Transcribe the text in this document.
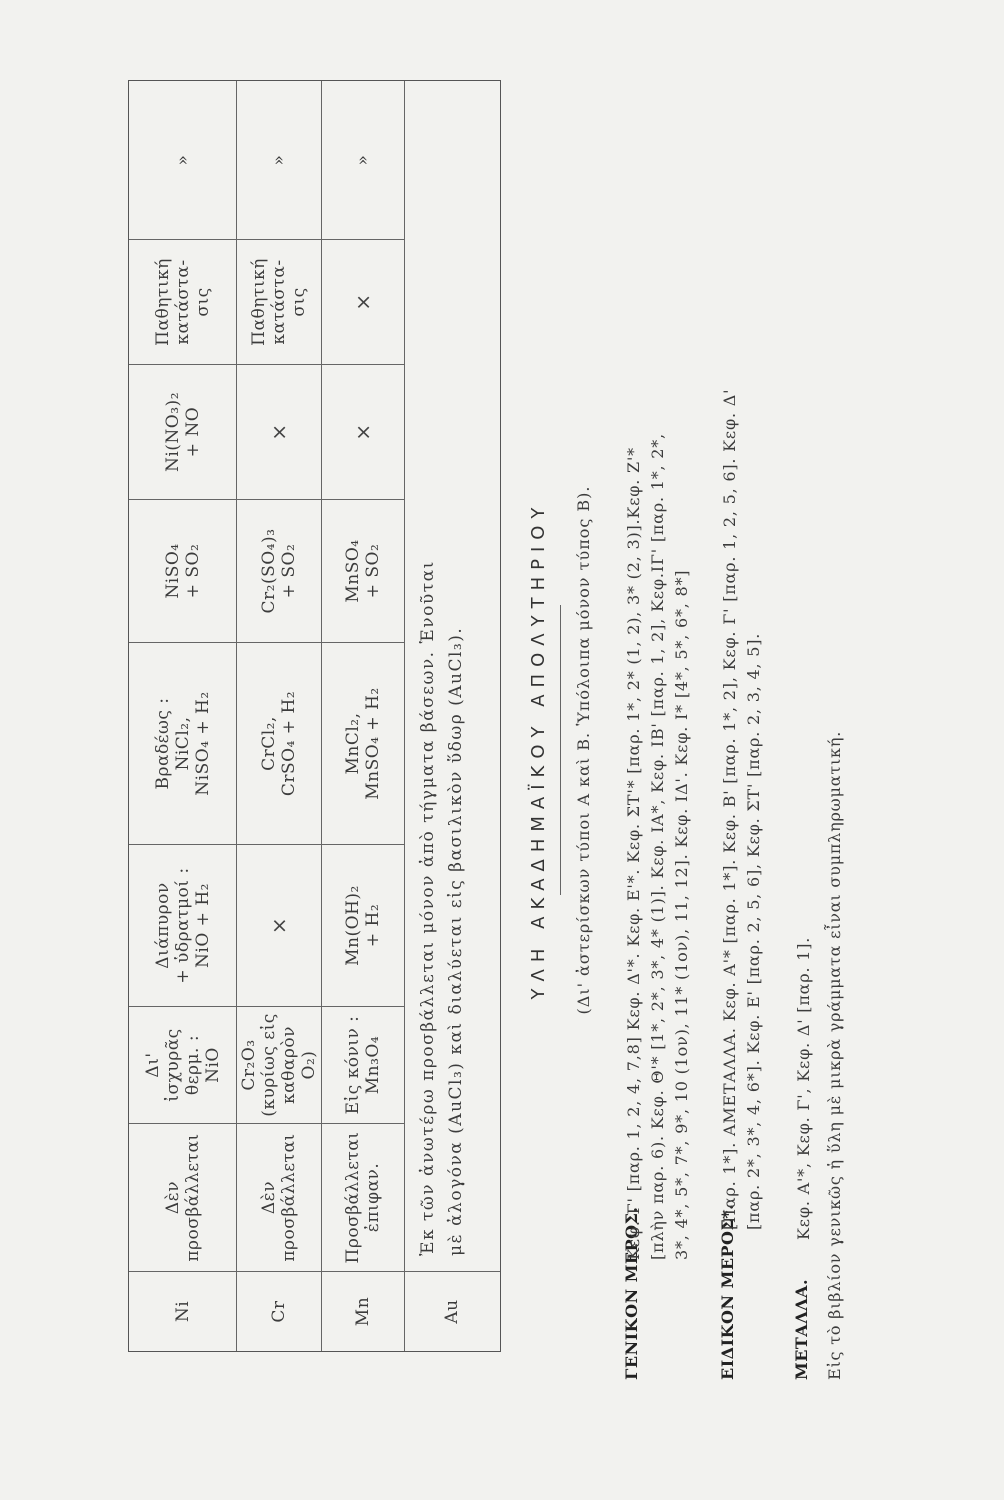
Ni
Δὲν
προσβάλλεται
Δι'
ἰσχυρᾶς
θερμ. :
NiO
Διάπυρον
+ ὑδρατμοί :
NiO + H₂
Βραδέως :
NiCl₂,
NiSO₄ + H₂
NiSO₄
+ SO₂
Ni(NO₃)₂
+ NO
Παθητική
κατάστα-
σις
»
Cr
Δὲν
προσβάλλεται
Cr₂O₃
(κυρίως εἰς
καθαρὸν O₂)
×
CrCl₂,
CrSO₄ + H₂
Cr₂(SO₄)₃
+ SO₂
×
Παθητική
κατάστα-
σις
»
Mn
Προσβάλλεται
ἐπιφαν.
Εἰς κόνιν :
Mn₃O₄
Mn(OH)₂
+ H₂
MnCl₂,
MnSO₄ + H₂
MnSO₄
+ SO₂
×
×
»
Au
Ἐκ τῶν ἀνωτέρω προσβάλλεται μόνον ἀπὸ τήγματα βάσεων. Ἑνοῦται μὲ ἀλογόνα (AuCl₃) καὶ διαλύεται εἰς βασιλικὸν ὕδωρ (AuCl₃).	ΥΛΗ ΑΚΑΔΗΜΑΪΚΟΥ ΑΠΟΛΥΤΗΡΙΟΥ (Δι' ἀστερίσκων τύποι Α καὶ Β. Ὑπόλοιπα μόνον τύπος Β).
ΓΕΝΙΚΟΝ ΜΕΡΟΣ.
Κεφ. Γ' [παρ. 1, 2, 4, 7,8] Κεφ. Δ'*. Κεφ. Ε'*. Κεφ. ΣΤ'* [παρ. 1*, 2* (1, 2), 3* (2, 3)].Κεφ. Ζ'*
[πλὴν παρ. 6). Κεφ. Θ'* [1*, 2*, 3*, 4* (1)]. Κεφ. ΙΑ*, Κεφ. ΙΒ' [παρ. 1, 2], Κεφ.ΙΓ' [παρ. 1*, 2*,
3*, 4*, 5*, 7*, 9*, 10 (1ον), 11* (1ον), 11, 12]. Κεφ. ΙΔ'. Κεφ. Ι* [4*, 5*, 6*, 8*]
ΕΙΔΙΚΟΝ ΜΕΡΟΣ*.
[Παρ. 1*]. ΑΜΕΤΑΛΛΑ. Κεφ. Α'* [παρ. 1*]. Κεφ. Β' [παρ. 1*, 2], Κεφ. Γ' [παρ. 1, 2, 5, 6]. Κεφ. Δ'
[παρ. 2*, 3*, 4, 6*]. Κεφ. Ε' [παρ. 2, 5, 6], Κεφ. ΣΤ' [παρ. 2, 3, 4, 5].
ΜΕΤΑΛΛΑ.
Κεφ. Α'*, Κεφ. Γ', Κεφ. Δ' [παρ. 1]. Εἰς τὸ βιβλίον γενικῶς ἡ ὕλη μὲ μικρὰ γράμματα εἶναι συμπληρωματική.
